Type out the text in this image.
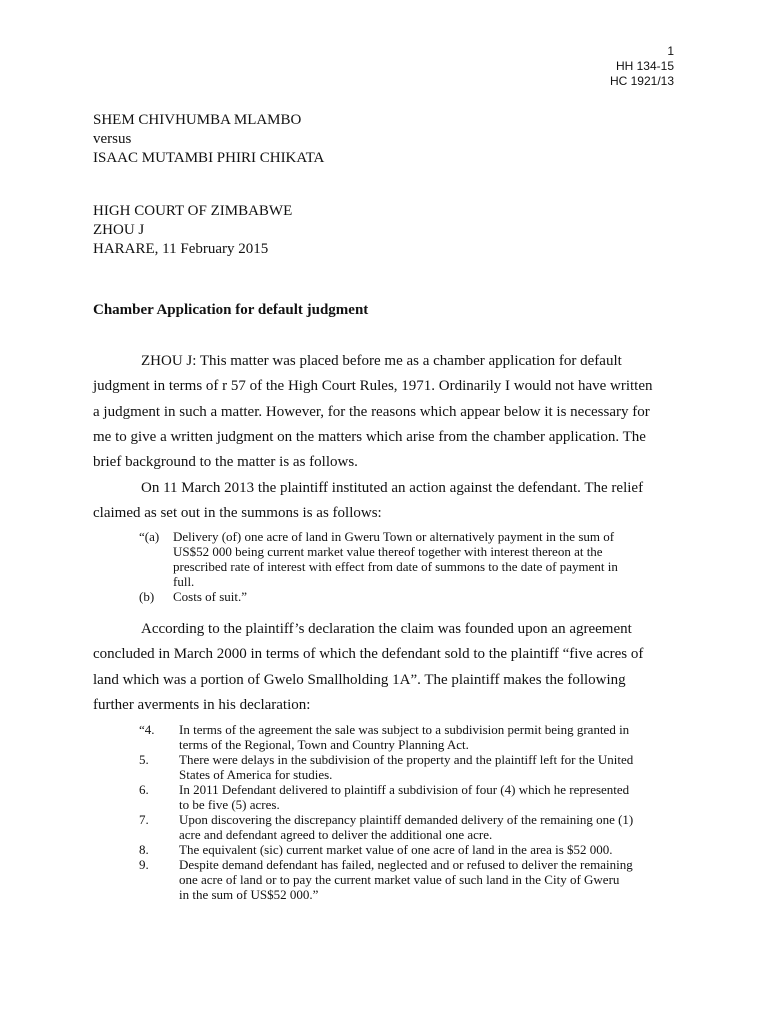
1
HH 134-15
HC 1921/13
SHEM CHIVHUMBA MLAMBO
versus
ISAAC MUTAMBI PHIRI CHIKATA
HIGH COURT OF ZIMBABWE
ZHOU J
HARARE, 11 February 2015
Chamber Application for default judgment
ZHOU J: This matter was placed before me as a chamber application for default
judgment in terms of r 57 of the High Court Rules, 1971. Ordinarily I would not have written
a judgment in such a matter. However, for the reasons which appear below it is necessary for
me to give a written judgment on the matters which arise from the chamber application. The
brief background to the matter is as follows.
On 11 March 2013 the plaintiff instituted an action against the defendant. The relief
claimed as set out in the summons is as follows:
“(a)	Delivery (of) one acre of land in Gweru Town or alternatively payment in the sum of
US$52 000 being current market value thereof together with interest thereon at the
prescribed rate of interest with effect from date of summons to the date of payment in
full.
(b)	Costs of suit.”
According to the plaintiff’s declaration the claim was founded upon an agreement
concluded in March 2000 in terms of which the defendant sold to the plaintiff “five acres of
land which was a portion of Gwelo Smallholding 1A”. The plaintiff makes the following
further averments in his declaration:
“4.	In terms of the agreement the sale was subject to a subdivision permit being granted in
terms of the Regional, Town and Country Planning Act.
5.	There were delays in the subdivision of the property and the plaintiff left for the United
States of America for studies.
6.	In 2011 Defendant delivered to plaintiff a subdivision of four (4) which he represented
to be five (5) acres.
7.	Upon discovering the discrepancy plaintiff demanded delivery of the remaining one (1)
acre and defendant agreed to deliver the additional one acre.
8.	The equivalent (sic) current market value of one acre of land in the area is $52 000.
9.	Despite demand defendant has failed, neglected and or refused to deliver the remaining
one acre of land or to pay the current market value of such land in the City of Gweru
in the sum of US$52 000.”
